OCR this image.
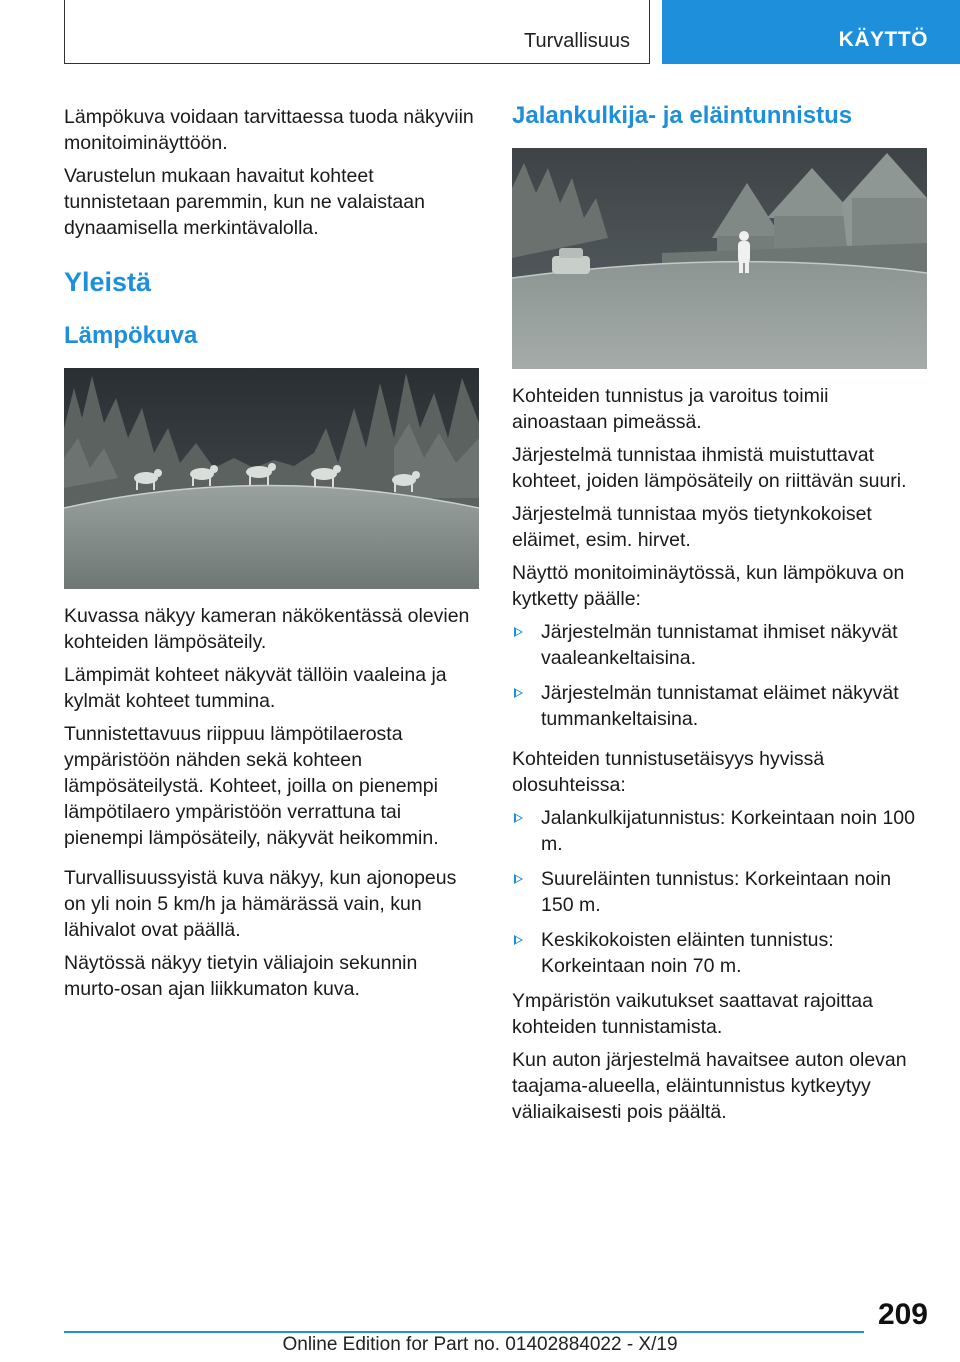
Turvallisuus	KÄYTTÖ

Lämpökuva voidaan tarvittaessa tuoda näkyviin monitoiminäyttöön.

Varustelun mukaan havaitut kohteet tunnistetaan paremmin, kun ne valaistaan dynaamisella merkintävalolla.

Yleistä
Lämpökuva

Kuvassa näkyy kameran näkökentässä olevien kohteiden lämpösäteily.

Lämpimät kohteet näkyvät tällöin vaaleina ja kylmät kohteet tummina.

Tunnistettavuus riippuu lämpötilaerosta ympäristöön nähden sekä kohteen lämpösäteilystä. Kohteet, joilla on pienempi lämpötilaero ympäristöön verrattuna tai pienempi lämpösäteily, näkyvät heikommin.

Turvallisuussyistä kuva näkyy, kun ajonopeus on yli noin 5 km/h ja hämärässä vain, kun lähivalot ovat päällä.

Näytössä näkyy tietyin väliajoin sekunnin murto-osan ajan liikkumaton kuva.

Jalankulkija- ja eläintunnistus

Kohteiden tunnistus ja varoitus toimii ainoastaan pimeässä.

Järjestelmä tunnistaa ihmistä muistuttavat kohteet, joiden lämpösäteily on riittävän suuri.

Järjestelmä tunnistaa myös tietynkokoiset eläimet, esim. hirvet.

Näyttö monitoiminäytössä, kun lämpökuva on kytketty päälle:

Järjestelmän tunnistamat ihmiset näkyvät vaaleankeltaisina.
Järjestelmän tunnistamat eläimet näkyvät tummankeltaisina.

Kohteiden tunnistusetäisyys hyvissä olosuhteissa:

Jalankulkijatunnistus: Korkeintaan noin 100 m.
Suureläinten tunnistus: Korkeintaan noin 150 m.
Keskikokoisten eläinten tunnistus: Korkeintaan noin 70 m.

Ympäristön vaikutukset saattavat rajoittaa kohteiden tunnistamista.

Kun auton järjestelmä havaitsee auton olevan taajama-alueella, eläintunnistus kytkeytyy väliaikaisesti pois päältä.

209
Online Edition for Part no. 01402884022 - X/19
